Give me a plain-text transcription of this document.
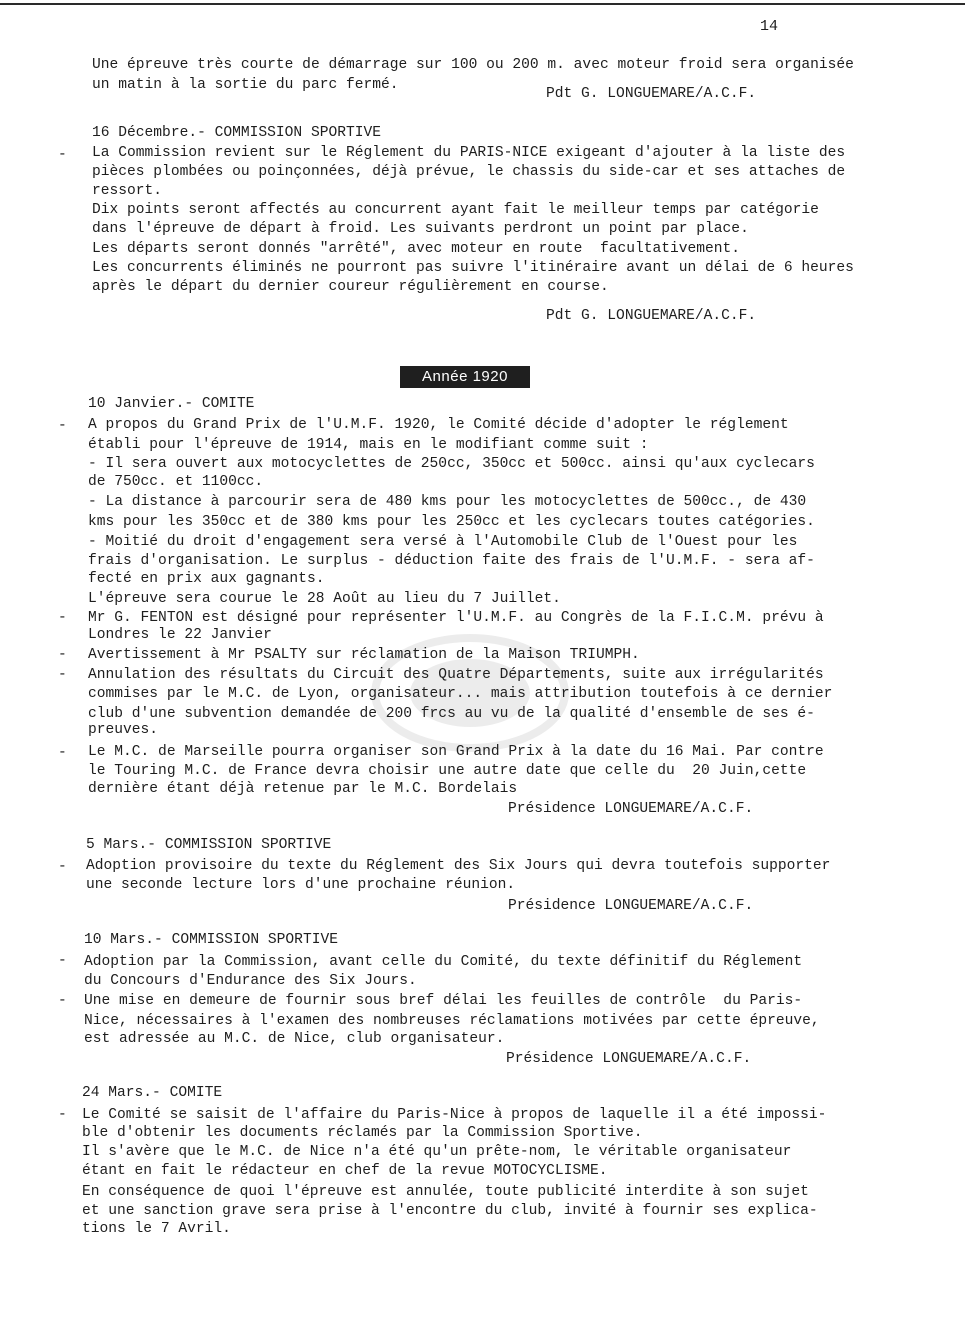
14
Une épreuve très courte de démarrage sur 100 ou 200 m. avec moteur froid sera organisée
un matin à la sortie du parc fermé.
Pdt G. LONGUEMARE/A.C.F.
16 Décembre.- COMMISSION SPORTIVE
- La Commission revient sur le Réglement du PARIS-NICE exigeant d'ajouter à la liste des
pièces plombées ou poinçonnées, déjà prévue, le chassis du side-car et ses attaches de
ressort.
Dix points seront affectés au concurrent ayant fait le meilleur temps par catégorie
dans l'épreuve de départ à froid. Les suivants perdront un point par place.
Les départs seront donnés "arrêté", avec moteur en route  facultativement.
Les concurrents éliminés ne pourront pas suivre l'itinéraire avant un délai de 6 heures
après le départ du dernier coureur régulièrement en course.
Pdt G. LONGUEMARE/A.C.F.
Année 1920
10 Janvier.- COMITE
- A propos du Grand Prix de l'U.M.F. 1920, le Comité décide d'adopter le réglement
établi pour l'épreuve de 1914, mais en le modifiant comme suit :
- Il sera ouvert aux motocyclettes de 250cc, 350cc et 500cc. ainsi qu'aux cyclecars
de 750cc. et 1100cc.
- La distance à parcourir sera de 480 kms pour les motocyclettes de 500cc., de 430
kms pour les 350cc et de 380 kms pour les 250cc et les cyclecars toutes catégories.
- Moitié du droit d'engagement sera versé à l'Automobile Club de l'Ouest pour les
frais d'organisation. Le surplus - déduction faite des frais de l'U.M.F. - sera af-
fecté en prix aux gagnants.
L'épreuve sera courue le 28 Août au lieu du 7 Juillet.
- Mr G. FENTON est désigné pour représenter l'U.M.F. au Congrès de la F.I.C.M. prévu à
Londres le 22 Janvier
- Avertissement à Mr PSALTY sur réclamation de la Maison TRIUMPH.
- Annulation des résultats du Circuit des Quatre Départements, suite aux irrégularités
commises par le M.C. de Lyon, organisateur... mais attribution toutefois à ce dernier
club d'une subvention demandée de 200 frcs au vu de la qualité d'ensemble de ses é-
preuves.
- Le M.C. de Marseille pourra organiser son Grand Prix à la date du 16 Mai. Par contre
le Touring M.C. de France devra choisir une autre date que celle du  20 Juin,cette
dernière étant déjà retenue par le M.C. Bordelais
Présidence LONGUEMARE/A.C.F.
5 Mars.- COMMISSION SPORTIVE
- Adoption provisoire du texte du Réglement des Six Jours qui devra toutefois supporter
une seconde lecture lors d'une prochaine réunion.
Présidence LONGUEMARE/A.C.F.
10 Mars.- COMMISSION SPORTIVE
- Adoption par la Commission, avant celle du Comité, du texte définitif du Réglement
du Concours d'Endurance des Six Jours.
- Une mise en demeure de fournir sous bref délai les feuilles de contrôle  du Paris-
Nice, nécessaires à l'examen des nombreuses réclamations motivées par cette épreuve,
est adressée au M.C. de Nice, club organisateur.
Présidence LONGUEMARE/A.C.F.
24 Mars.- COMITE
- Le Comité se saisit de l'affaire du Paris-Nice à propos de laquelle il a été impossi-
ble d'obtenir les documents réclamés par la Commission Sportive.
Il s'avère que le M.C. de Nice n'a été qu'un prête-nom, le véritable organisateur
étant en fait le rédacteur en chef de la revue MOTOCYCLISME.
En conséquence de quoi l'épreuve est annulée, toute publicité interdite à son sujet
et une sanction grave sera prise à l'encontre du club, invité à fournir ses explica-
tions le 7 Avril.
